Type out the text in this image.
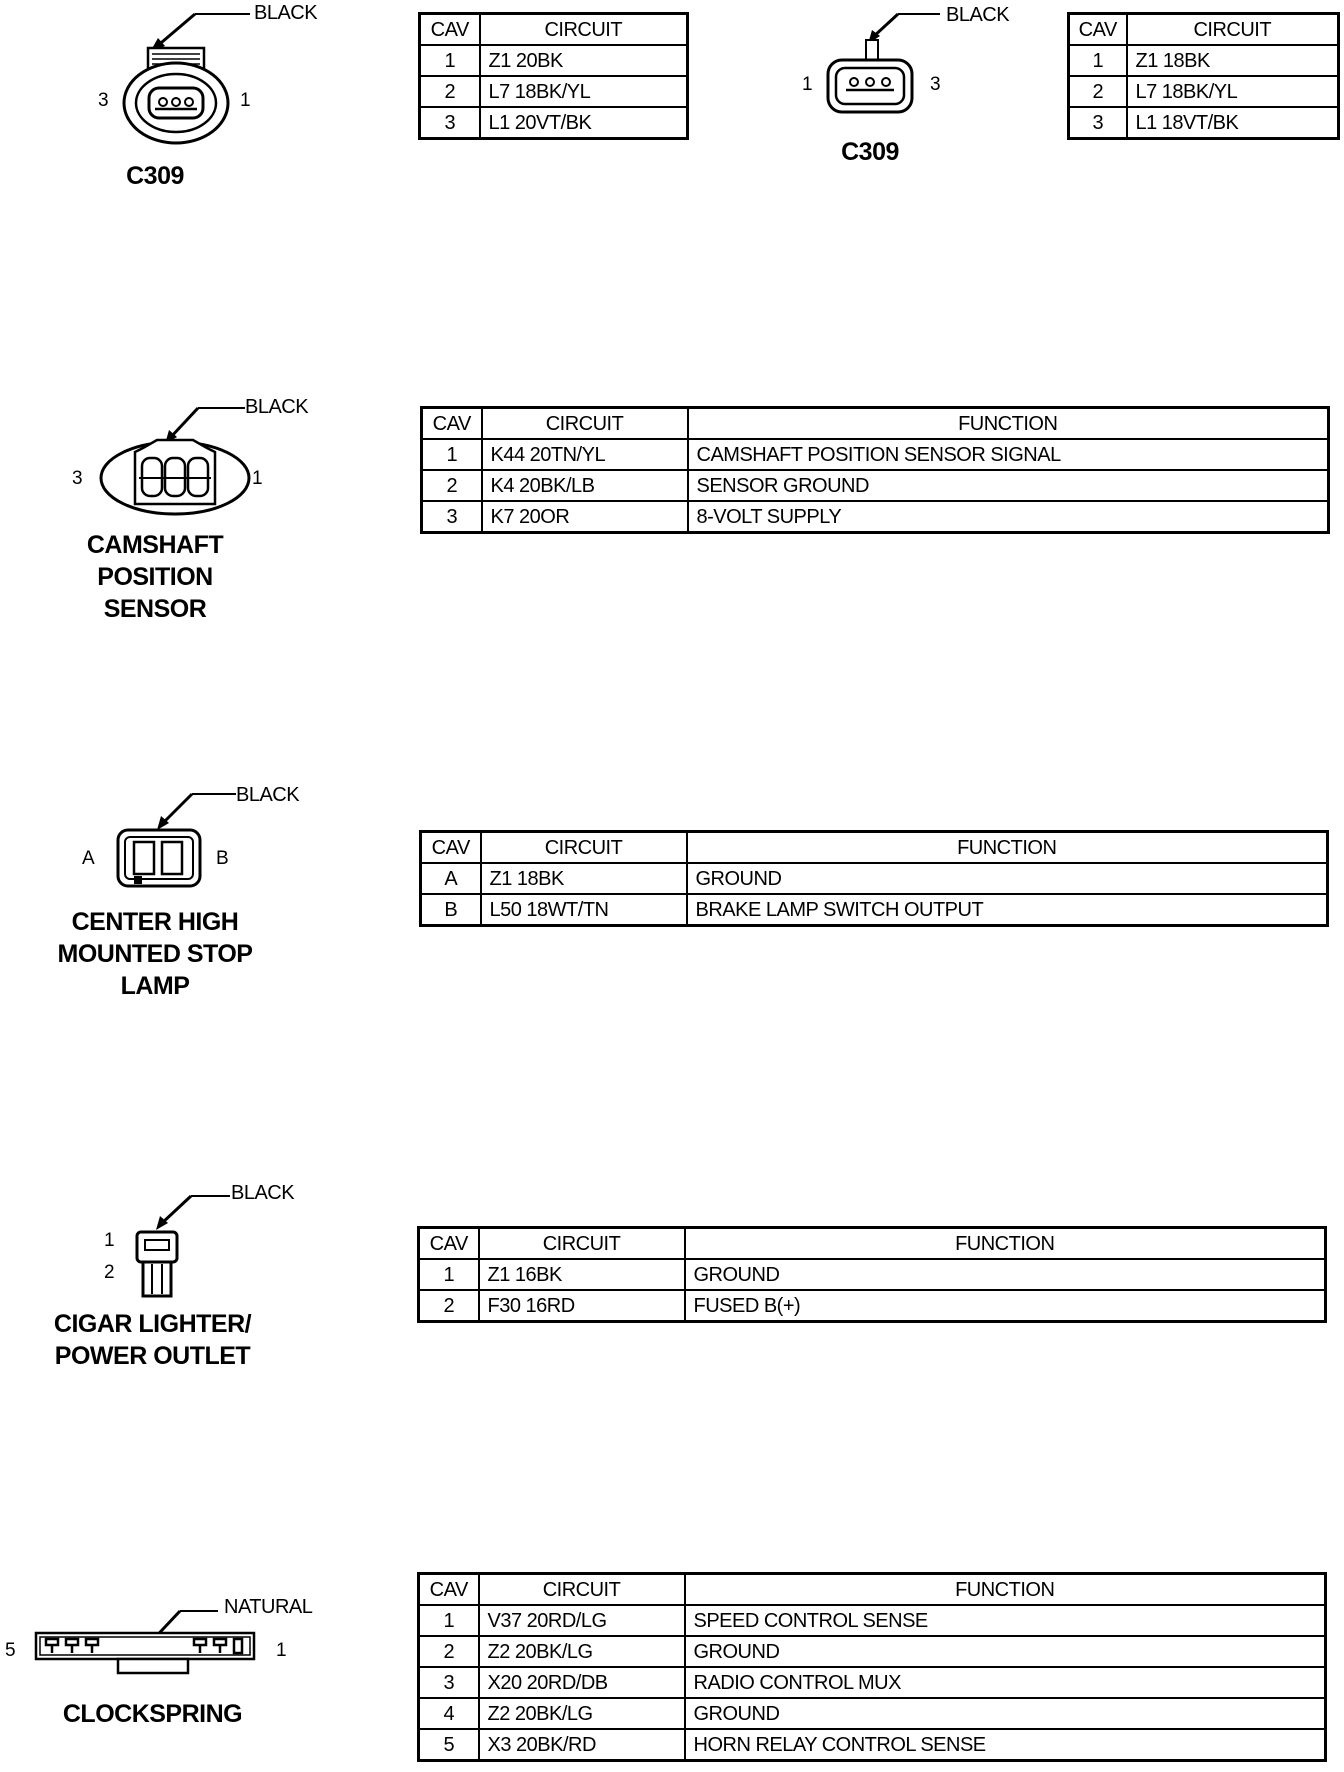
BLACK
3	1
C309
CAV	CIRCUIT
1	Z1 20BK
2	L7 18BK/YL
3	L1 20VT/BK
BLACK
1	3
C309
CAV	CIRCUIT
1	Z1 18BK
2	L7 18BK/YL
3	L1 18VT/BK
BLACK
3	1
CAMSHAFT
POSITION
SENSOR
CAV	CIRCUIT	FUNCTION
1	K44 20TN/YL	CAMSHAFT POSITION SENSOR SIGNAL
2	K4 20BK/LB	SENSOR GROUND
3	K7 20OR	8-VOLT SUPPLY
BLACK
A	B
CENTER HIGH
MOUNTED STOP
LAMP
CAV	CIRCUIT	FUNCTION
A	Z1 18BK	GROUND
B	L50 18WT/TN	BRAKE LAMP SWITCH OUTPUT
BLACK
1
2
CIGAR LIGHTER/
POWER OUTLET
CAV	CIRCUIT	FUNCTION
1	Z1 16BK	GROUND
2	F30 16RD	FUSED B(+)
NATURAL
5	1
CLOCKSPRING
CAV	CIRCUIT	FUNCTION
1	V37 20RD/LG	SPEED CONTROL SENSE
2	Z2 20BK/LG	GROUND
3	X20 20RD/DB	RADIO CONTROL MUX
4	Z2 20BK/LG	GROUND
5	X3 20BK/RD	HORN RELAY CONTROL SENSE
